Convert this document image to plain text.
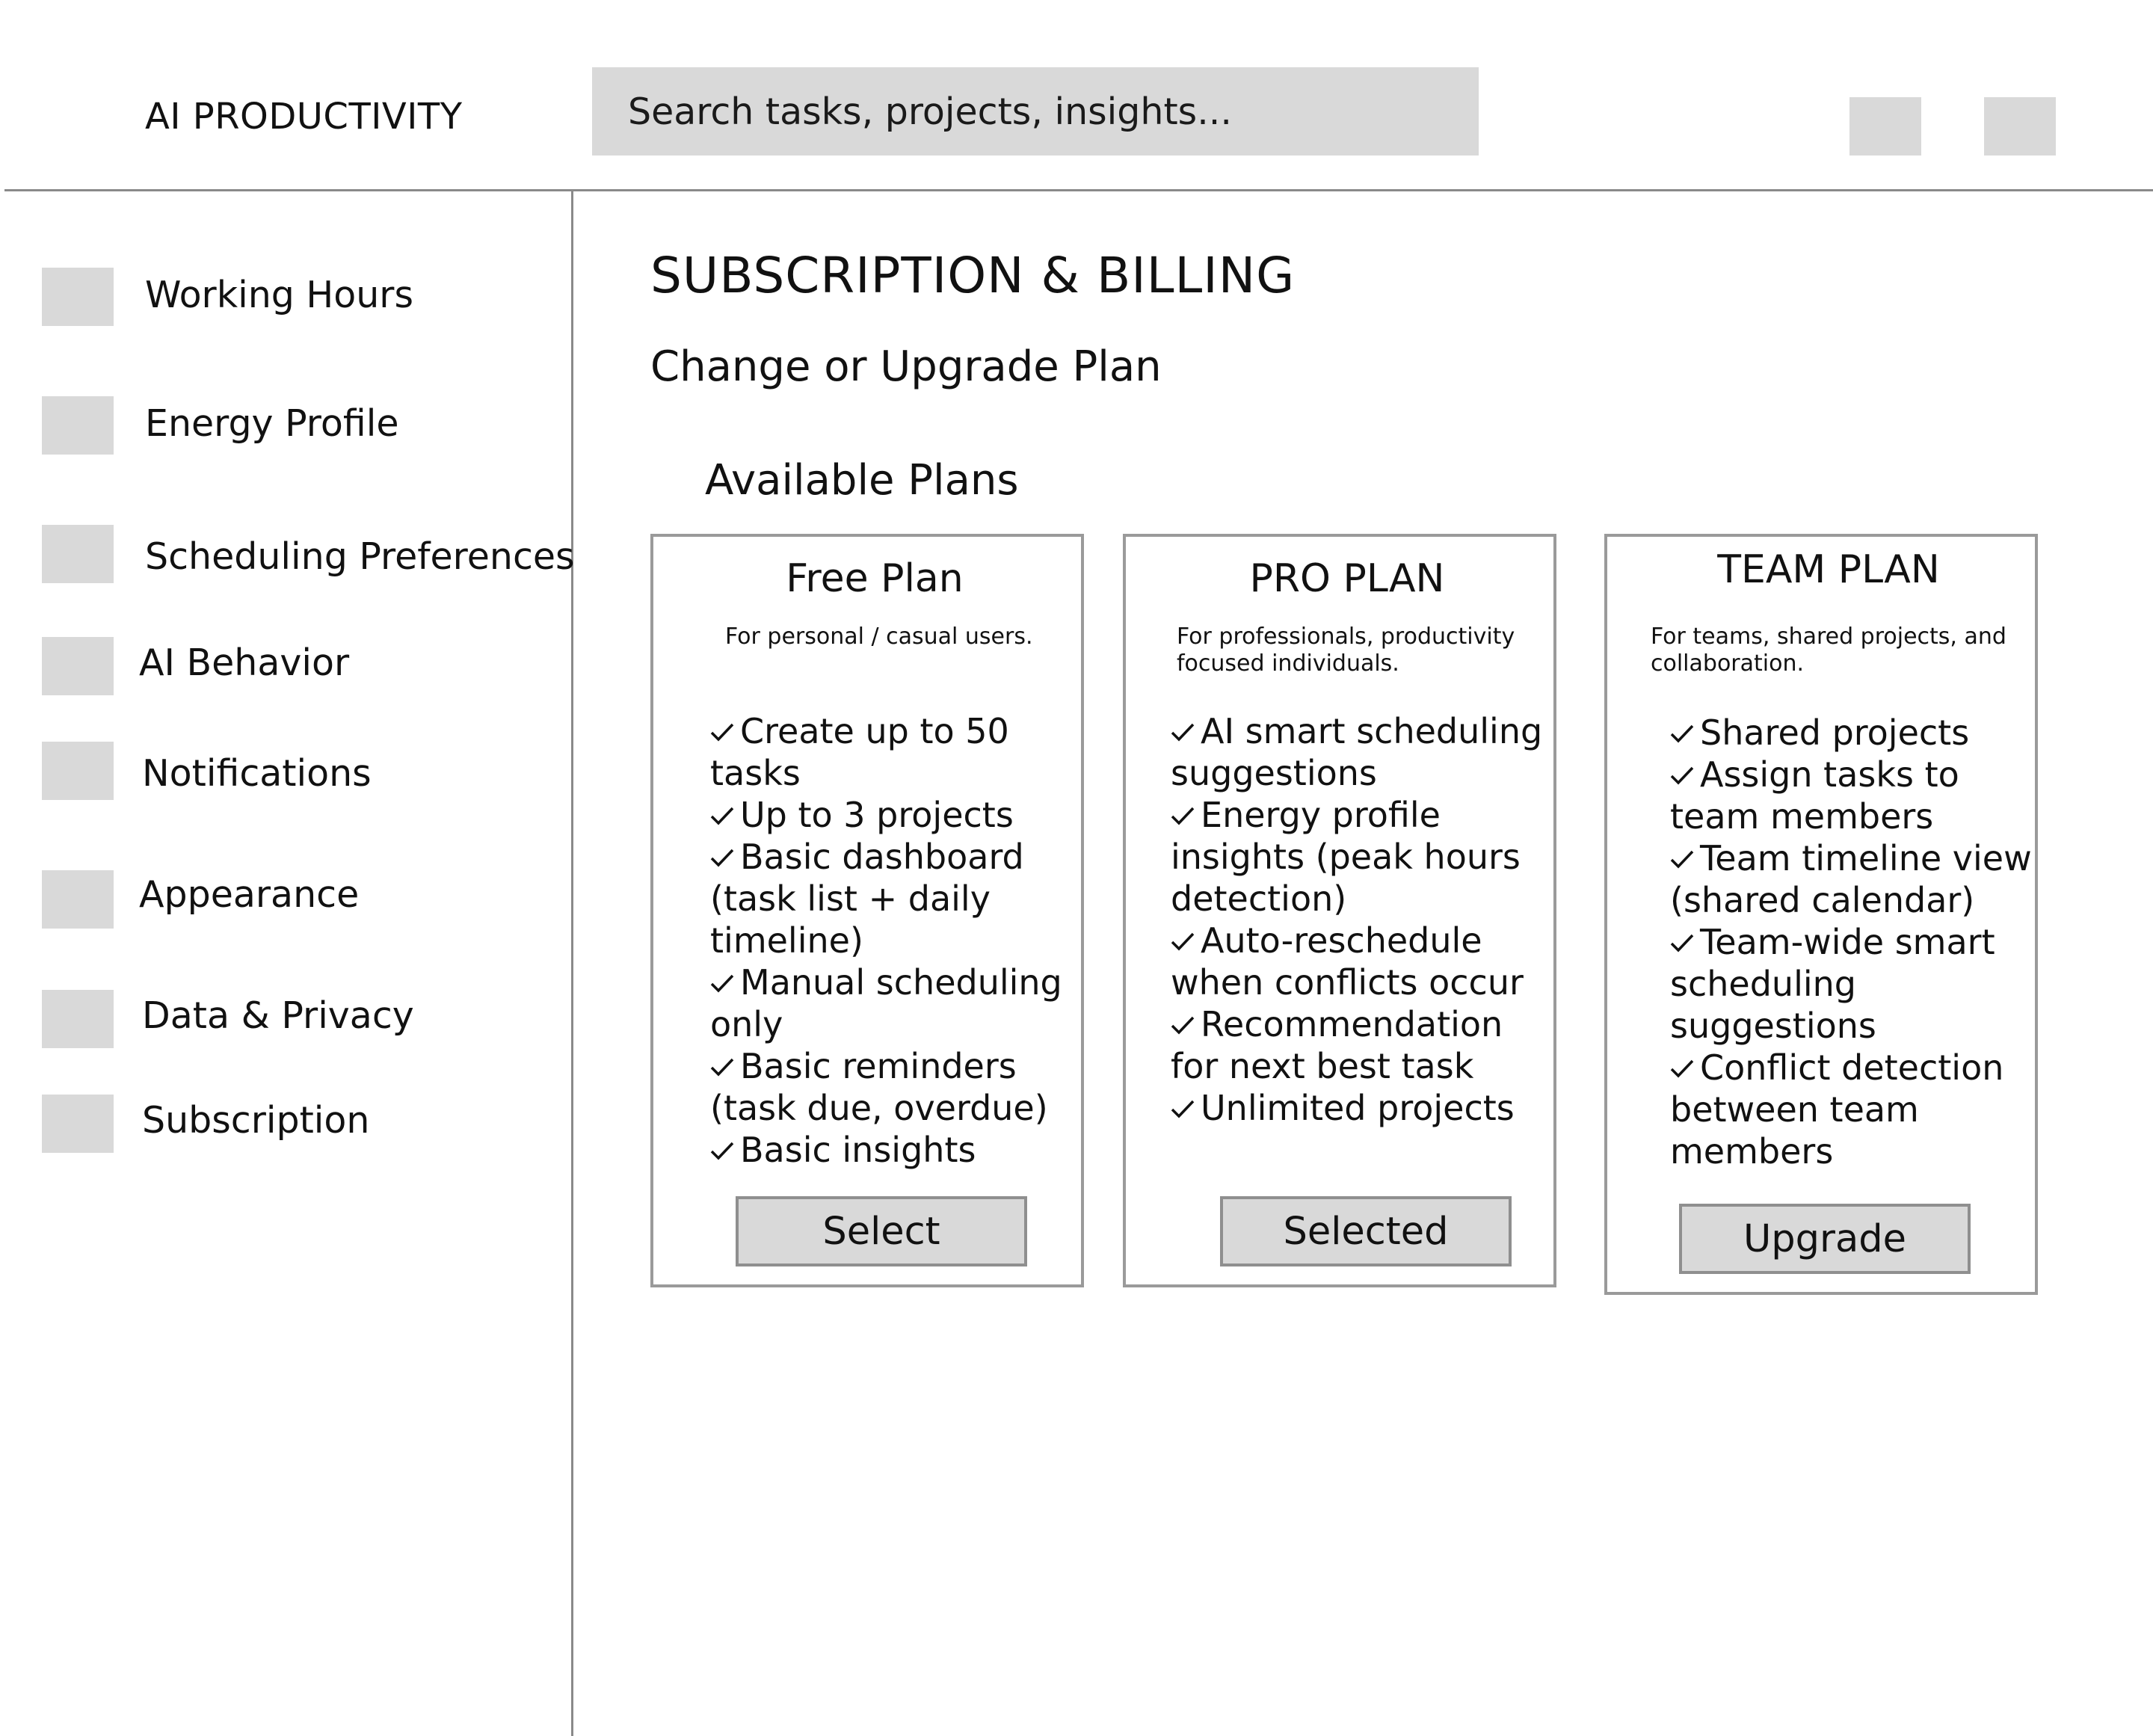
AI PRODUCTIVITY	Search tasks, projects, insights...
Working Hours
Energy Profile
Scheduling Preferences
AI Behavior
Notifications
Appearance
Data & Privacy
Subscription
SUBSCRIPTION & BILLING
Change or Upgrade Plan
Available Plans
Free Plan
For personal / casual users.
Create up to 50 tasks
Up to 3 projects
Basic dashboard (task list + daily timeline)
Manual scheduling only
Basic reminders (task due, overdue)
Basic insights
Select
PRO PLAN
For professionals, productivity focused individuals.
AI smart scheduling suggestions
Energy profile insights (peak hours detection)
Auto-reschedule when conflicts occur
Recommendation for next best task
Unlimited projects
Selected
TEAM PLAN
For teams, shared projects, and collaboration.
Shared projects
Assign tasks to team members
Team timeline view (shared calendar)
Team-wide smart scheduling suggestions
Conflict detection between team members
Upgrade
